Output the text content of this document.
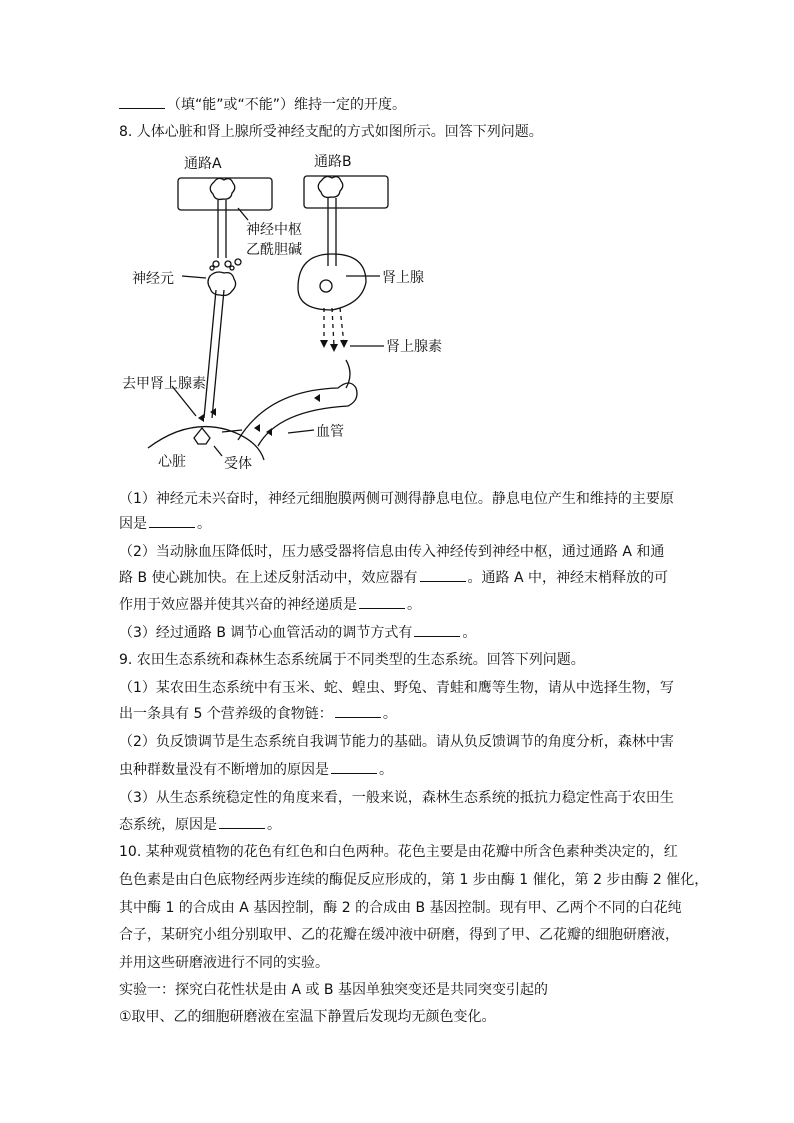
（填“能”或“不能”）维持一定的开度。
8. 人体心脏和肾上腺所受神经支配的方式如图所示。回答下列问题。
通路A	通路B
神经中枢
乙酰胆碱
神经元	肾上腺
肾上腺素
去甲肾上腺素
血管
心脏	受体
（1）神经元未兴奋时，神经元细胞膜两侧可测得静息电位。静息电位产生和维持的主要原
因是	。
（2）当动脉血压降低时，压力感受器将信息由传入神经传到神经中枢，通过通路 A 和通
路 B 使心跳加快。在上述反射活动中，效应器有	。通路 A 中，神经末梢释放的可
作用于效应器并使其兴奋的神经递质是	。
（3）经过通路 B 调节心血管活动的调节方式有	。
9. 农田生态系统和森林生态系统属于不同类型的生态系统。回答下列问题。
（1）某农田生态系统中有玉米、蛇、蝗虫、野兔、青蛙和鹰等生物，请从中选择生物，写
出一条具有 5 个营养级的食物链：	。
（2）负反馈调节是生态系统自我调节能力的基础。请从负反馈调节的角度分析，森林中害
虫种群数量没有不断增加的原因是	。
（3）从生态系统稳定性的角度来看，一般来说，森林生态系统的抵抗力稳定性高于农田生
态系统，原因是	。
10. 某种观赏植物的花色有红色和白色两种。花色主要是由花瓣中所含色素种类决定的，红
色色素是由白色底物经两步连续的酶促反应形成的，第 1 步由酶 1 催化，第 2 步由酶 2 催化，
其中酶 1 的合成由 A 基因控制，酶 2 的合成由 B 基因控制。现有甲、乙两个不同的白花纯
合子，某研究小组分别取甲、乙的花瓣在缓冲液中研磨，得到了甲、乙花瓣的细胞研磨液，
并用这些研磨液进行不同的实验。
实验一：探究白花性状是由 A 或 B 基因单独突变还是共同突变引起的
①取甲、乙的细胞研磨液在室温下静置后发现均无颜色变化。
